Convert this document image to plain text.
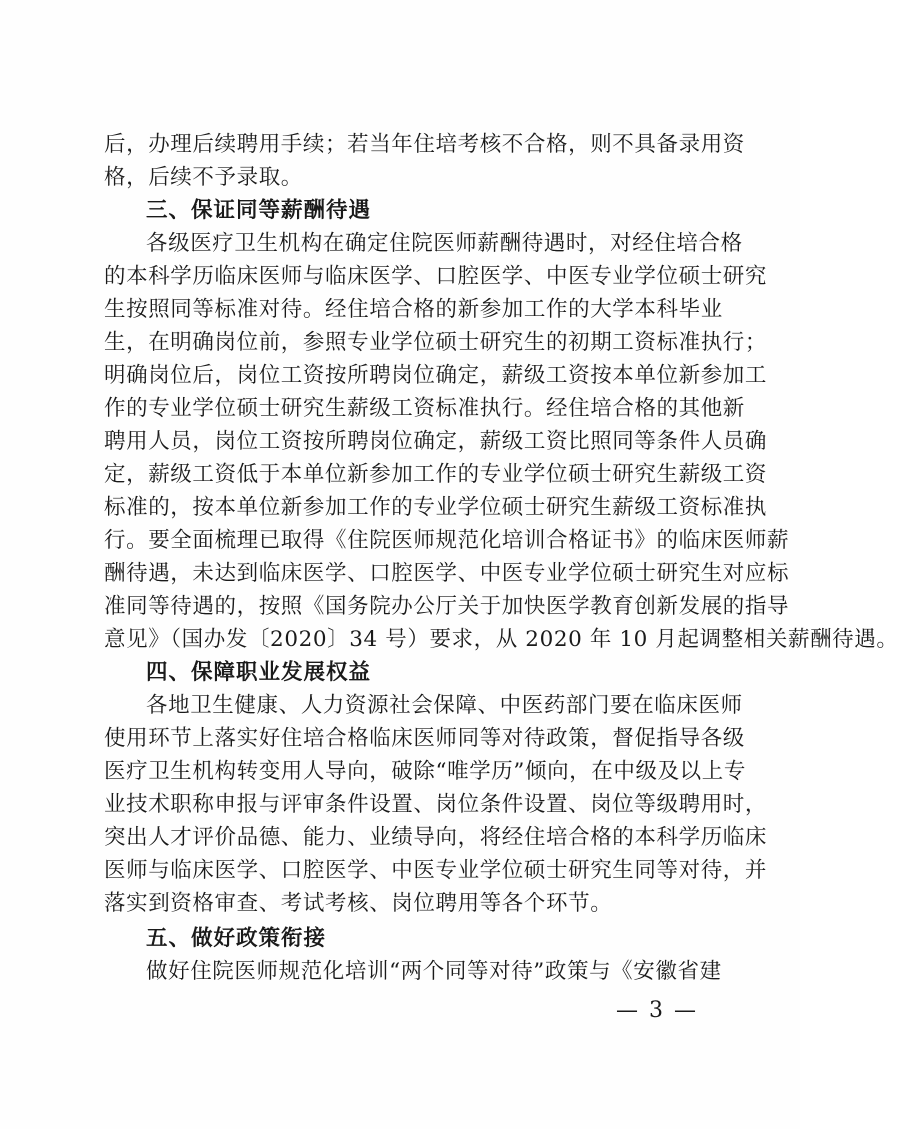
后，办理后续聘用手续；若当年住培考核不合格，则不具备录用资
格，后续不予录取。
三、保证同等薪酬待遇
各级医疗卫生机构在确定住院医师薪酬待遇时，对经住培合格
的本科学历临床医师与临床医学、口腔医学、中医专业学位硕士研究
生按照同等标准对待。经住培合格的新参加工作的大学本科毕业
生，在明确岗位前，参照专业学位硕士研究生的初期工资标准执行；
明确岗位后，岗位工资按所聘岗位确定，薪级工资按本单位新参加工
作的专业学位硕士研究生薪级工资标准执行。经住培合格的其他新
聘用人员，岗位工资按所聘岗位确定，薪级工资比照同等条件人员确
定，薪级工资低于本单位新参加工作的专业学位硕士研究生薪级工资
标准的，按本单位新参加工作的专业学位硕士研究生薪级工资标准执
行。要全面梳理已取得《住院医师规范化培训合格证书》的临床医师薪
酬待遇，未达到临床医学、口腔医学、中医专业学位硕士研究生对应标
准同等待遇的，按照《国务院办公厅关于加快医学教育创新发展的指导
意见》（国办发〔2020〕34 号）要求，从 2020 年 10 月起调整相关薪酬待遇。
四、保障职业发展权益
各地卫生健康、人力资源社会保障、中医药部门要在临床医师
使用环节上落实好住培合格临床医师同等对待政策，督促指导各级
医疗卫生机构转变用人导向，破除“唯学历”倾向，在中级及以上专
业技术职称申报与评审条件设置、岗位条件设置、岗位等级聘用时，
突出人才评价品德、能力、业绩导向，将经住培合格的本科学历临床
医师与临床医学、口腔医学、中医专业学位硕士研究生同等对待，并
落实到资格审查、考试考核、岗位聘用等各个环节。
五、做好政策衔接
做好住院医师规范化培训“两个同等对待”政策与《安徽省建
— 3 —
